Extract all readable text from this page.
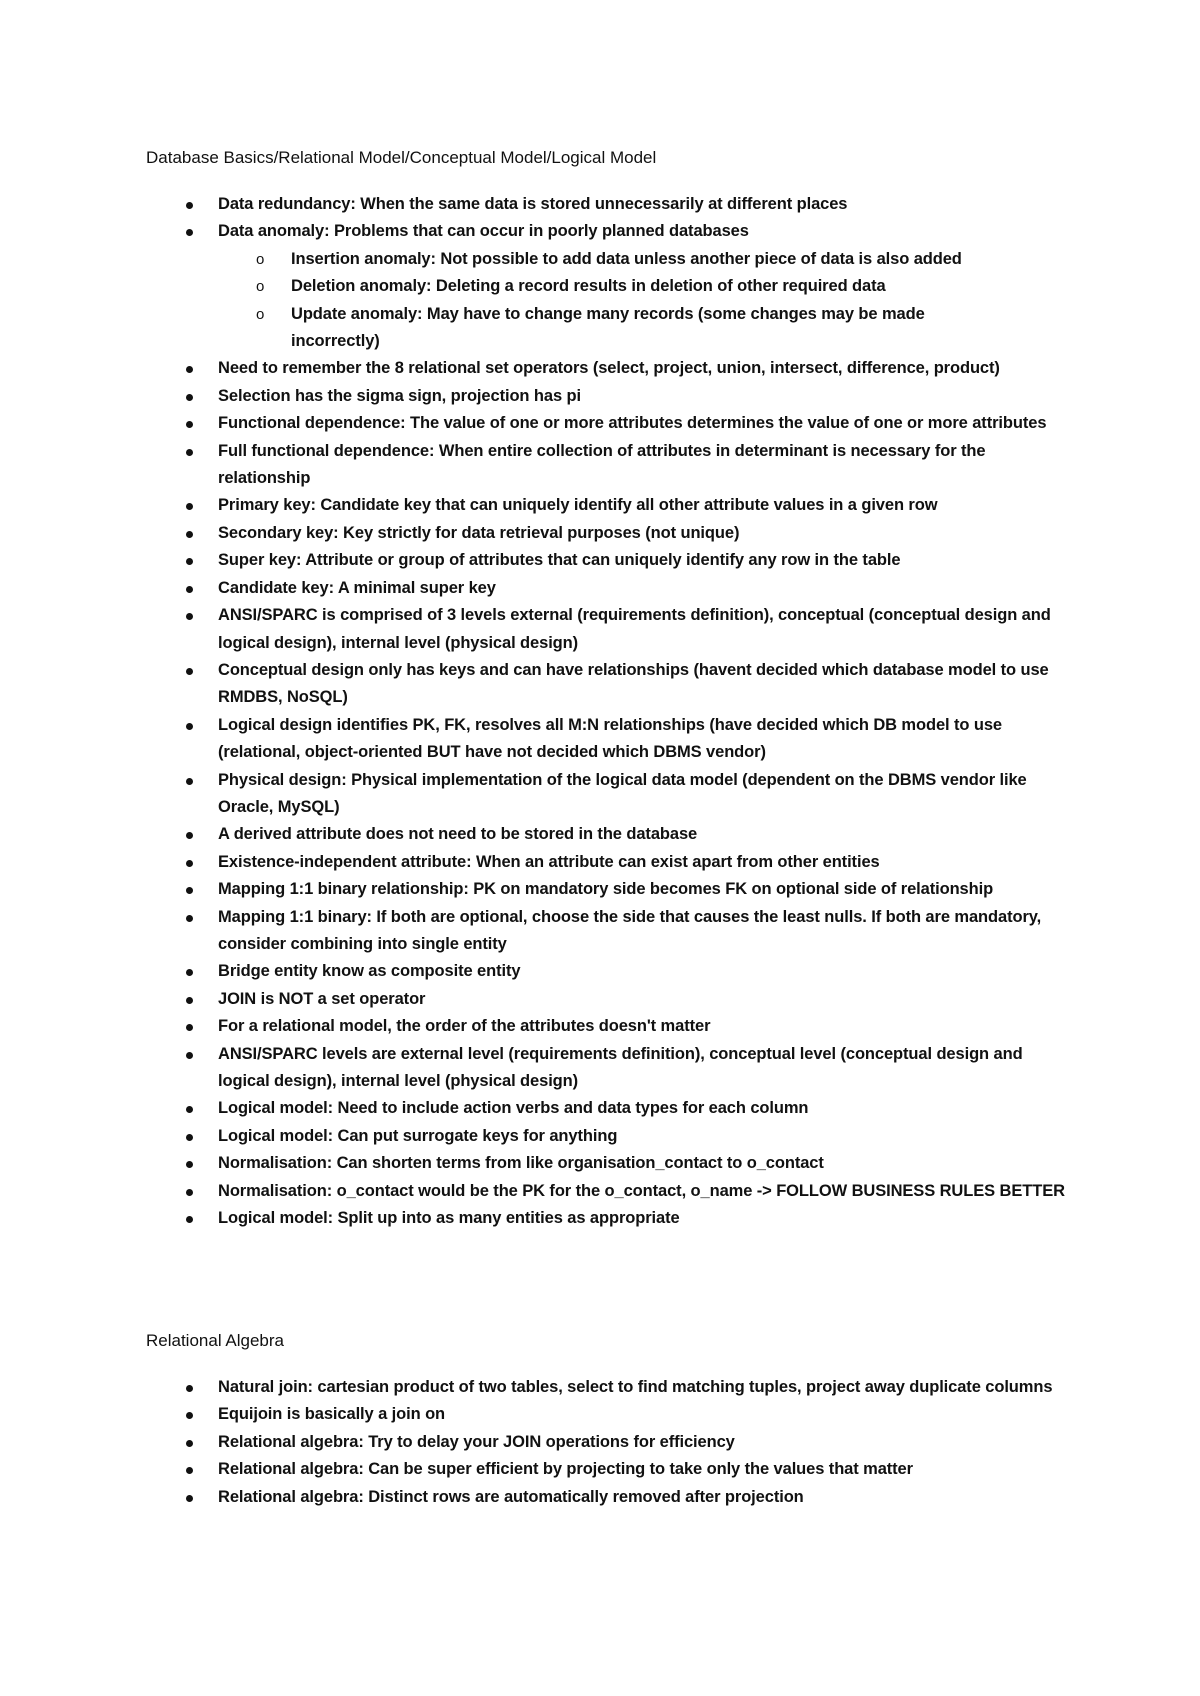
Database Basics/Relational Model/Conceptual Model/Logical Model
Data redundancy: When the same data is stored unnecessarily at different places
Data anomaly: Problems that can occur in poorly planned databases
o Insertion anomaly: Not possible to add data unless another piece of data is also added
o Deletion anomaly: Deleting a record results in deletion of other required data
o Update anomaly: May have to change many records (some changes may be made incorrectly)
Need to remember the 8 relational set operators (select, project, union, intersect, difference, product)
Selection has the sigma sign, projection has pi
Functional dependence: The value of one or more attributes determines the value of one or more attributes
Full functional dependence: When entire collection of attributes in determinant is necessary for the relationship
Primary key: Candidate key that can uniquely identify all other attribute values in a given row
Secondary key: Key strictly for data retrieval purposes (not unique)
Super key: Attribute or group of attributes that can uniquely identify any row in the table
Candidate key: A minimal super key
ANSI/SPARC is comprised of 3 levels external (requirements definition), conceptual (conceptual design and logical design), internal level (physical design)
Conceptual design only has keys and can have relationships (havent decided which database model to use RMDBS, NoSQL)
Logical design identifies PK, FK, resolves all M:N relationships (have decided which DB model to use (relational, object-oriented BUT have not decided which DBMS vendor)
Physical design: Physical implementation of the logical data model (dependent on the DBMS vendor like Oracle, MySQL)
A derived attribute does not need to be stored in the database
Existence-independent attribute: When an attribute can exist apart from other entities
Mapping 1:1 binary relationship: PK on mandatory side becomes FK on optional side of relationship
Mapping 1:1 binary: If both are optional, choose the side that causes the least nulls. If both are mandatory, consider combining into single entity
Bridge entity know as composite entity
JOIN is NOT a set operator
For a relational model, the order of the attributes doesn't matter
ANSI/SPARC levels are external level (requirements definition), conceptual level (conceptual design and logical design), internal level (physical design)
Logical model: Need to include action verbs and data types for each column
Logical model: Can put surrogate keys for anything
Normalisation: Can shorten terms from like organisation_contact to o_contact
Normalisation: o_contact would be the PK for the o_contact, o_name -> FOLLOW BUSINESS RULES BETTER
Logical model: Split up into as many entities as appropriate
Relational Algebra
Natural join: cartesian product of two tables, select to find matching tuples, project away duplicate columns
Equijoin is basically a join on
Relational algebra: Try to delay your JOIN operations for efficiency
Relational algebra: Can be super efficient by projecting to take only the values that matter
Relational algebra: Distinct rows are automatically removed after projection
